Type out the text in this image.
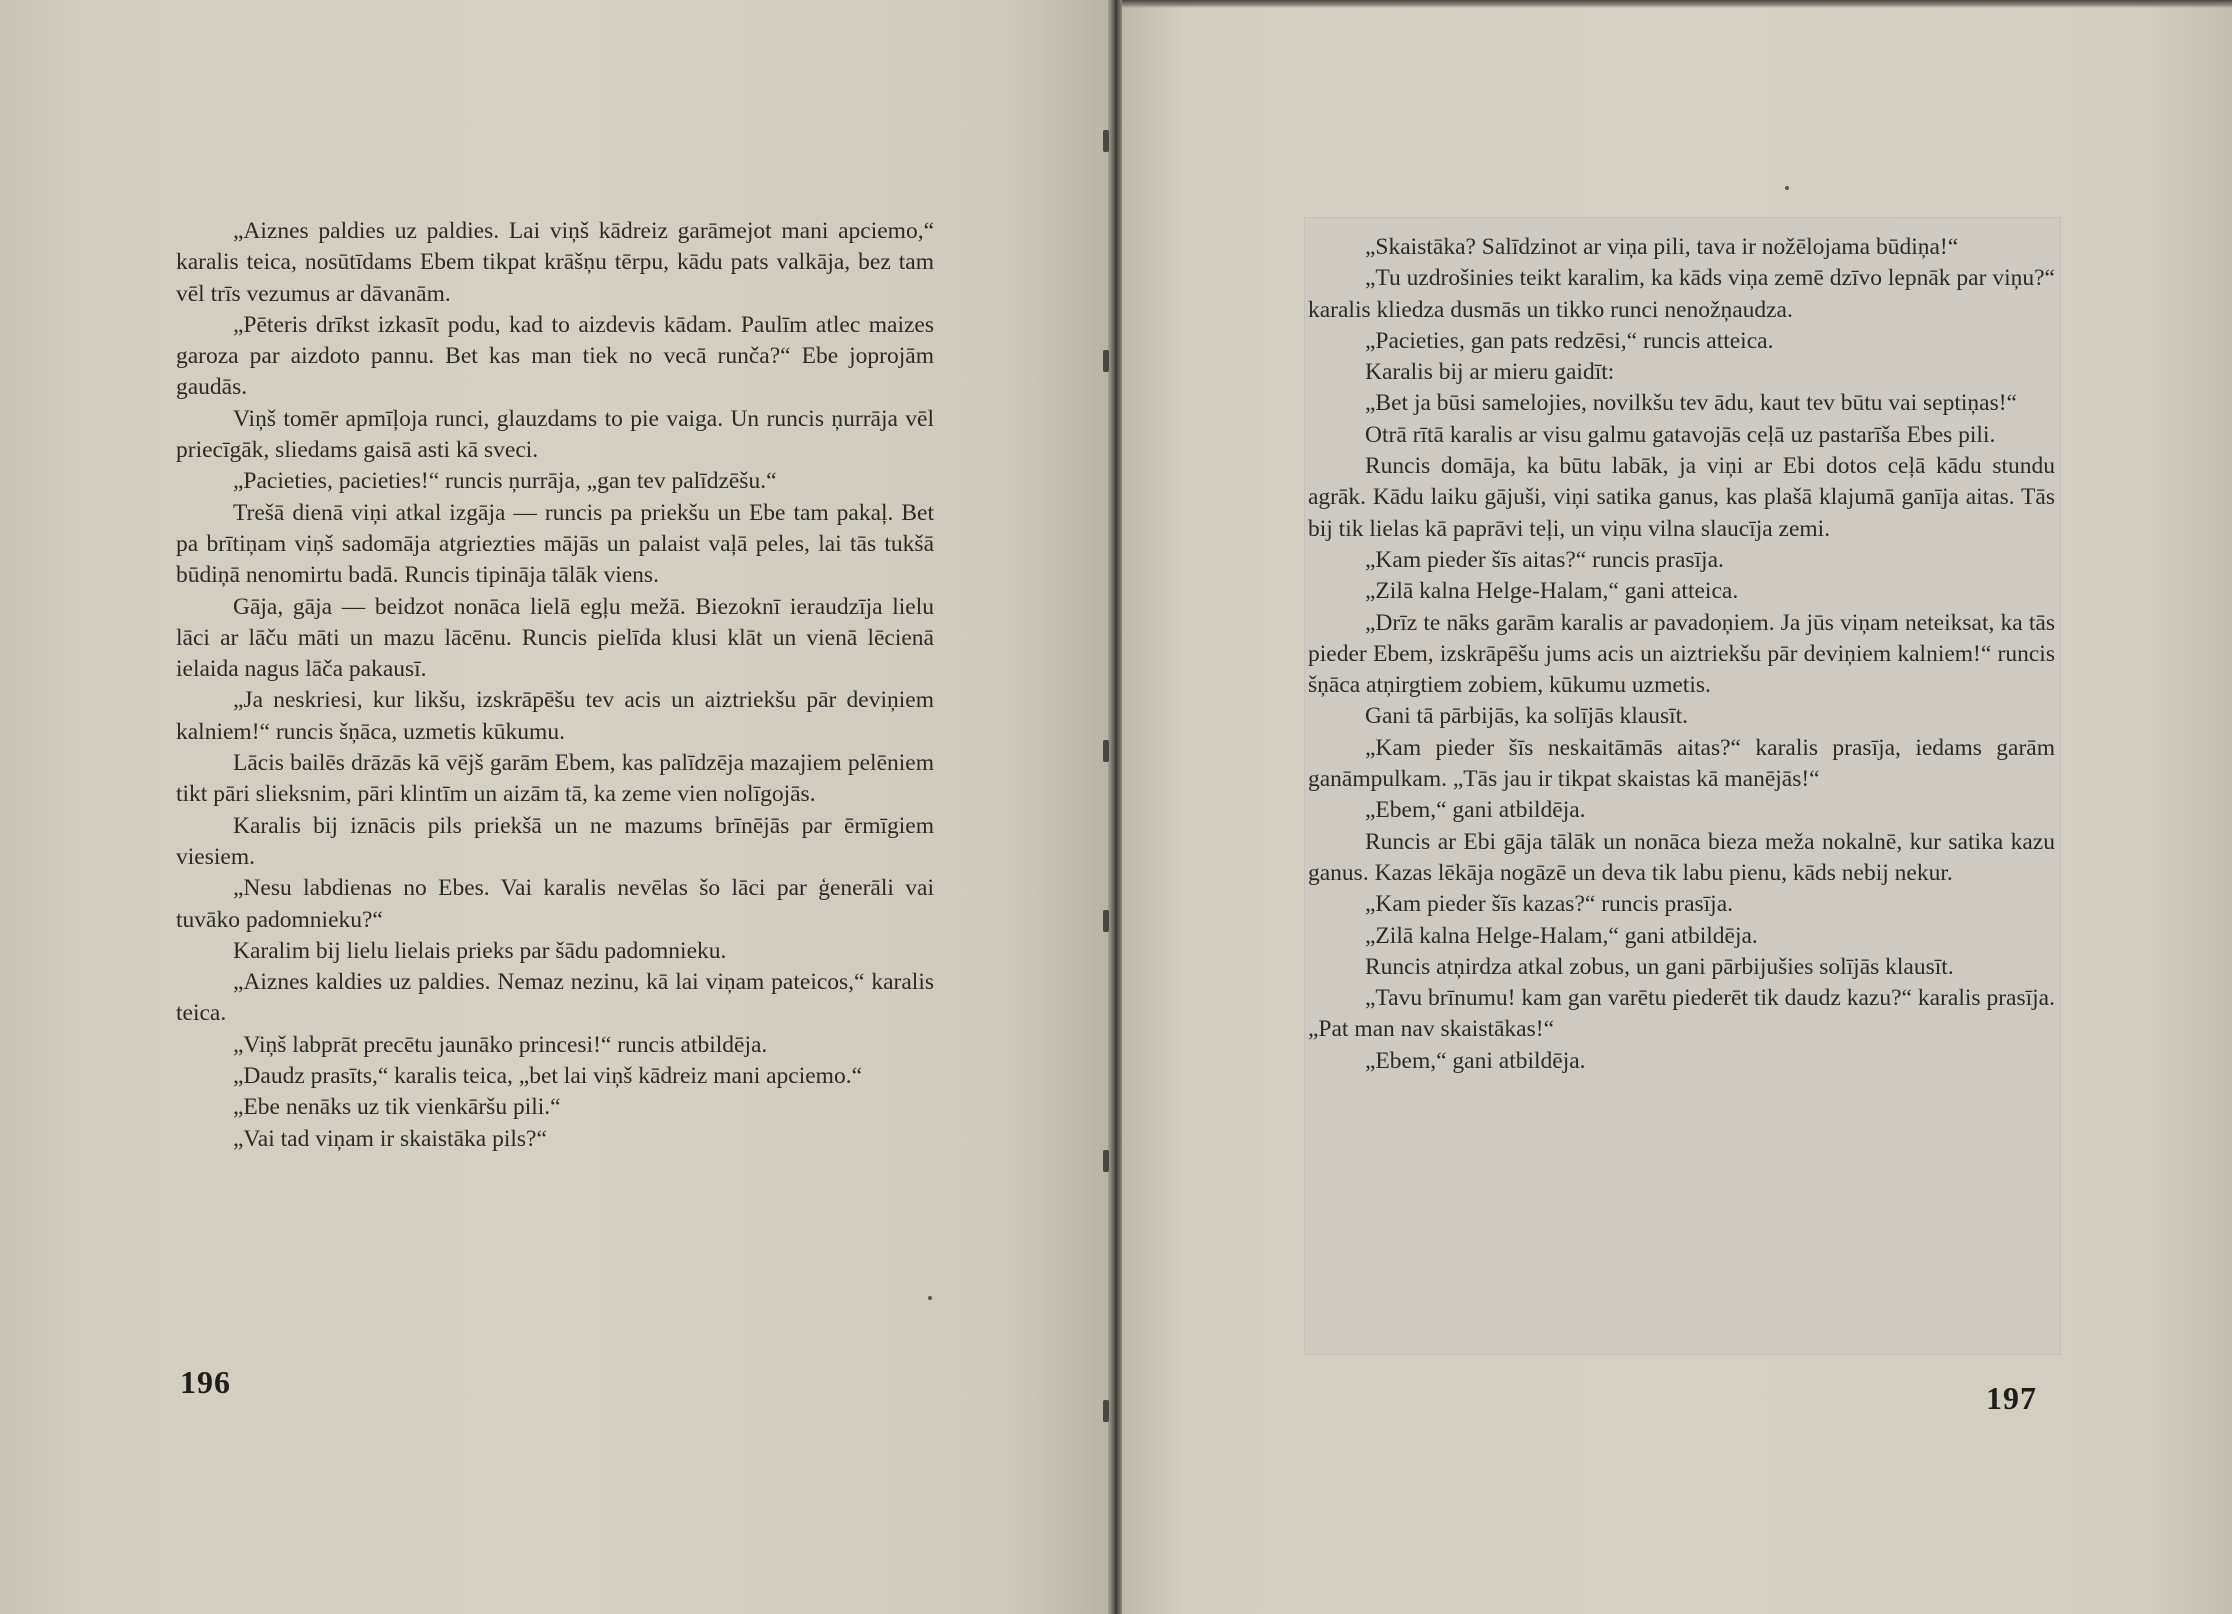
„Aiznes paldies uz paldies. Lai viņš kādreiz garāmejot mani apciemo,“ karalis teica, nosūtīdams Ebem tikpat krāšņu tērpu, kādu pats valkāja, bez tam vēl trīs vezumus ar dāvanām.

„Pēteris drīkst izkasīt podu, kad to aizdevis kādam. Paulīm atlec maizes garoza par aizdoto pannu. Bet kas man tiek no vecā runča?“ Ebe joprojām gaudās.

Viņš tomēr apmīļoja runci, glauzdams to pie vaiga. Un runcis ņurrāja vēl priecīgāk, sliedams gaisā asti kā sveci.

„Pacieties, pacieties!“ runcis ņurrāja, „gan tev palīdzēšu.“

Trešā dienā viņi atkal izgāja — runcis pa priekšu un Ebe tam pakaļ. Bet pa brītiņam viņš sadomāja atgriezties mājās un palaist vaļā peles, lai tās tukšā būdiņā nenomirtu badā. Runcis tipināja tālāk viens.

Gāja, gāja — beidzot nonāca lielā egļu mežā. Biezoknī ieraudzīja lielu lāci ar lāču māti un mazu lācēnu. Runcis pielīda klusi klāt un vienā lēcienā ielaida nagus lāča pakausī.

„Ja neskriesi, kur likšu, izskrāpēšu tev acis un aiztriekšu pār deviņiem kalniem!“ runcis šņāca, uzmetis kūkumu.

Lācis bailēs drāzās kā vējš garām Ebem, kas palīdzēja mazajiem pelēniem tikt pāri slieksnim, pāri klintīm un aizām tā, ka zeme vien nolīgojās.

Karalis bij iznācis pils priekšā un ne mazums brīnējās par ērmīgiem viesiem.

„Nesu labdienas no Ebes. Vai karalis nevēlas šo lāci par ģenerāli vai tuvāko padomnieku?“

Karalim bij lielu lielais prieks par šādu padomnieku.

„Aiznes kaldies uz paldies. Nemaz nezinu, kā lai viņam pateicos,“ karalis teica.

„Viņš labprāt precētu jaunāko princesi!“ runcis atbildēja.

„Daudz prasīts,“ karalis teica, „bet lai viņš kādreiz mani apciemo.“

„Ebe nenāks uz tik vienkāršu pili.“

„Vai tad viņam ir skaistāka pils?“

196

„Skaistāka? Salīdzinot ar viņa pili, tava ir nožēlojama būdiņa!“

„Tu uzdrošinies teikt karalim, ka kāds viņa zemē dzīvo lepnāk par viņu?“ karalis kliedza dusmās un tikko runci nenožņaudza.

„Pacieties, gan pats redzēsi,“ runcis atteica.

Karalis bij ar mieru gaidīt:

„Bet ja būsi samelojies, novilkšu tev ādu, kaut tev būtu vai septiņas!“

Otrā rītā karalis ar visu galmu gatavojās ceļā uz pastarīša Ebes pili.

Runcis domāja, ka būtu labāk, ja viņi ar Ebi dotos ceļā kādu stundu agrāk. Kādu laiku gājuši, viņi satika ganus, kas plašā klajumā ganīja aitas. Tās bij tik lielas kā paprāvi teļi, un viņu vilna slaucīja zemi.

„Kam pieder šīs aitas?“ runcis prasīja.

„Zilā kalna Helge-Halam,“ gani atteica.

„Drīz te nāks garām karalis ar pavadoņiem. Ja jūs viņam neteiksat, ka tās pieder Ebem, izskrāpēšu jums acis un aiztriekšu pār deviņiem kalniem!“ runcis šņāca atņirgtiem zobiem, kūkumu uzmetis.

Gani tā pārbijās, ka solījās klausīt.

„Kam pieder šīs neskaitāmās aitas?“ karalis prasīja, iedams garām ganāmpulkam. „Tās jau ir tikpat skaistas kā manējās!“

„Ebem,“ gani atbildēja.

Runcis ar Ebi gāja tālāk un nonāca bieza meža nokalnē, kur satika kazu ganus. Kazas lēkāja nogāzē un deva tik labu pienu, kāds nebij nekur.

„Kam pieder šīs kazas?“ runcis prasīja.

„Zilā kalna Helge-Halam,“ gani atbildēja.

Runcis atņirdza atkal zobus, un gani pārbijušies solījās klausīt.

„Tavu brīnumu! kam gan varētu piederēt tik daudz kazu?“ karalis prasīja. „Pat man nav skaistākas!“

„Ebem,“ gani atbildēja.

197
